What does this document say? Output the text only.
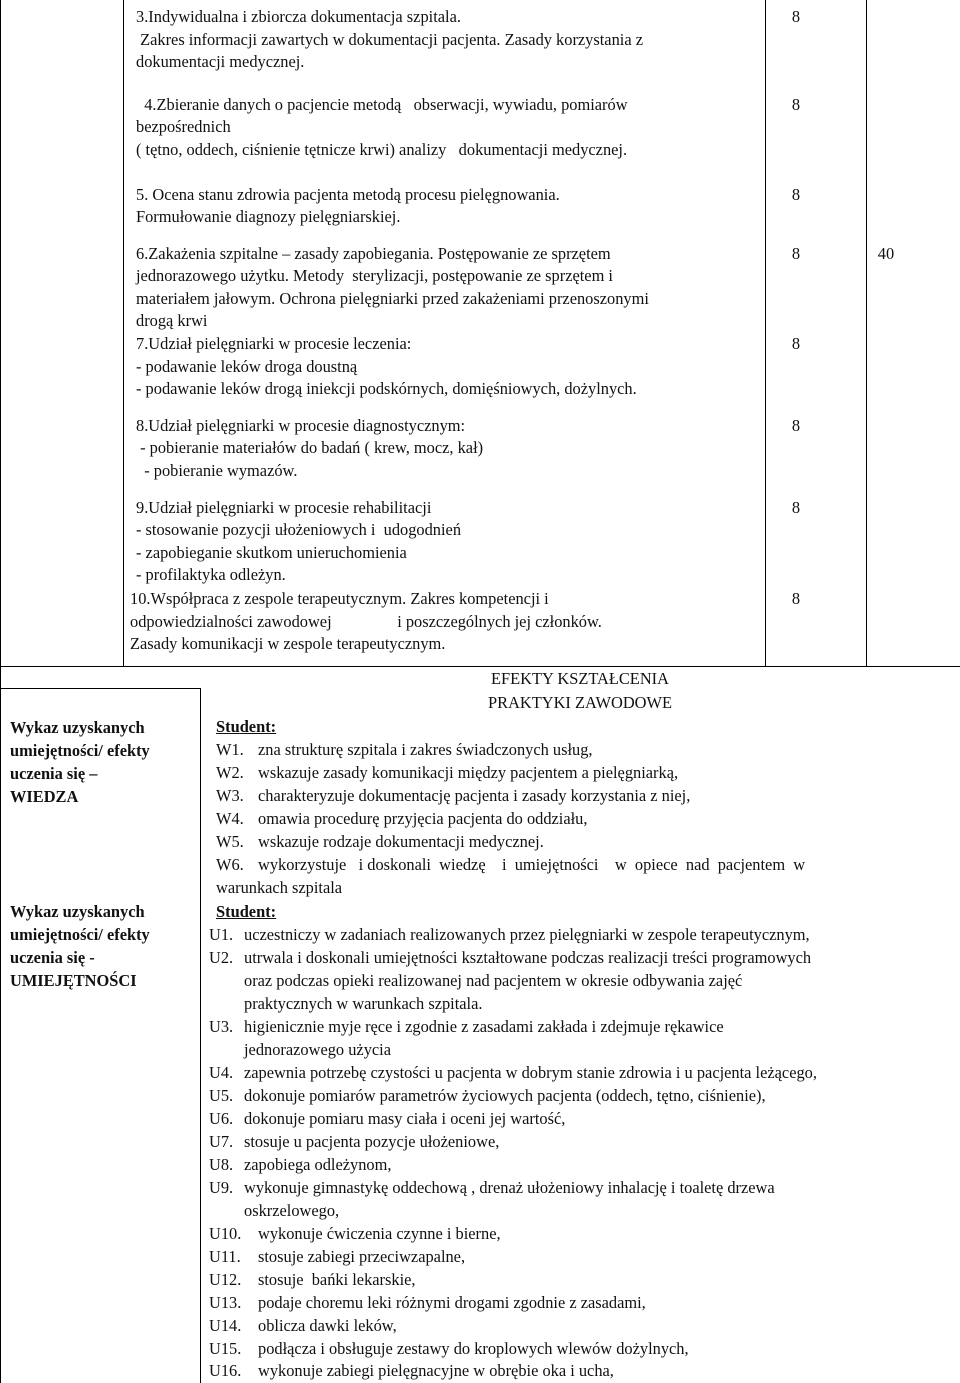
3.Indywidualna i zbiorcza dokumentacja szpitala.
Zakres informacji zawartych w dokumentacji pacjenta. Zasady korzystania z
dokumentacji medycznej.
8
4.Zbieranie danych o pacjencie metodą   obserwacji, wywiadu, pomiarów
bezpośrednich
( tętno, oddech, ciśnienie tętnicze krwi) analizy   dokumentacji medycznej.
8
5. Ocena stanu zdrowia pacjenta metodą procesu pielęgnowania.
Formułowanie diagnozy pielęgniarskiej.
8
6.Zakażenia szpitalne – zasady zapobiegania. Postępowanie ze sprzętem
jednorazowego użytku. Metody  sterylizacji, postępowanie ze sprzętem i
materiałem jałowym. Ochrona pielęgniarki przed zakażeniami przenoszonymi
drogą krwi
8	40
7.Udział pielęgniarki w procesie leczenia:
- podawanie leków droga doustną
- podawanie leków drogą iniekcji podskórnych, domięśniowych, dożylnych.
8
8.Udział pielęgniarki w procesie diagnostycznym:
- pobieranie materiałów do badań ( krew, mocz, kał)
- pobieranie wymazów.
8
9.Udział pielęgniarki w procesie rehabilitacji
- stosowanie pozycji ułożeniowych i  udogodnień
- zapobieganie skutkom unieruchomienia
- profilaktyka odleżyn.
8
10.Współpraca z zespole terapeutycznym. Zakres kompetencji i
odpowiedzialności zawodowej                i poszczególnych jej członków.
Zasady komunikacji w zespole terapeutycznym.
8
EFEKTY KSZTAŁCENIA
PRAKTYKI ZAWODOWE
Wykaz uzyskanych
umiejętności/ efekty
uczenia się –
WIEDZA
Wykaz uzyskanych
umiejętności/ efekty
uczenia się -
UMIEJĘTNOŚCI
Student:
W1. zna strukturę szpitala i zakres świadczonych usług,
W2. wskazuje zasady komunikacji między pacjentem a pielęgniarką,
W3. charakteryzuje dokumentację pacjenta i zasady korzystania z niej,
W4. omawia procedurę przyjęcia pacjenta do oddziału,
W5. wskazuje rodzaje dokumentacji medycznej.
W6. wykorzystuje   i doskonali  wiedzę    i  umiejętności    w  opiece  nad  pacjentem  w
warunkach szpitala
Student:
U1. uczestniczy w zadaniach realizowanych przez pielęgniarki w zespole terapeutycznym,
U2. utrwala i doskonali umiejętności kształtowane podczas realizacji treści programowych
oraz podczas opieki realizowanej nad pacjentem w okresie odbywania zajęć
praktycznych w warunkach szpitala.
U3. higienicznie myje ręce i zgodnie z zasadami zakłada i zdejmuje rękawice
jednorazowego użycia
U4. zapewnia potrzebę czystości u pacjenta w dobrym stanie zdrowia i u pacjenta leżącego,
U5. dokonuje pomiarów parametrów życiowych pacjenta (oddech, tętno, ciśnienie),
U6. dokonuje pomiaru masy ciała i oceni jej wartość,
U7. stosuje u pacjenta pozycje ułożeniowe,
U8. zapobiega odleżynom,
U9. wykonuje gimnastykę oddechową , drenaż ułożeniowy inhalację i toaletę drzewa
oskrzelowego,
U10. wykonuje ćwiczenia czynne i bierne,
U11. stosuje zabiegi przeciwzapalne,
U12. stosuje  bańki lekarskie,
U13. podaje choremu leki różnymi drogami zgodnie z zasadami,
U14. oblicza dawki leków,
U15. podłącza i obsługuje zestawy do kroplowych wlewów dożylnych,
U16. wykonuje zabiegi pielęgnacyjne w obrębie oka i ucha,
